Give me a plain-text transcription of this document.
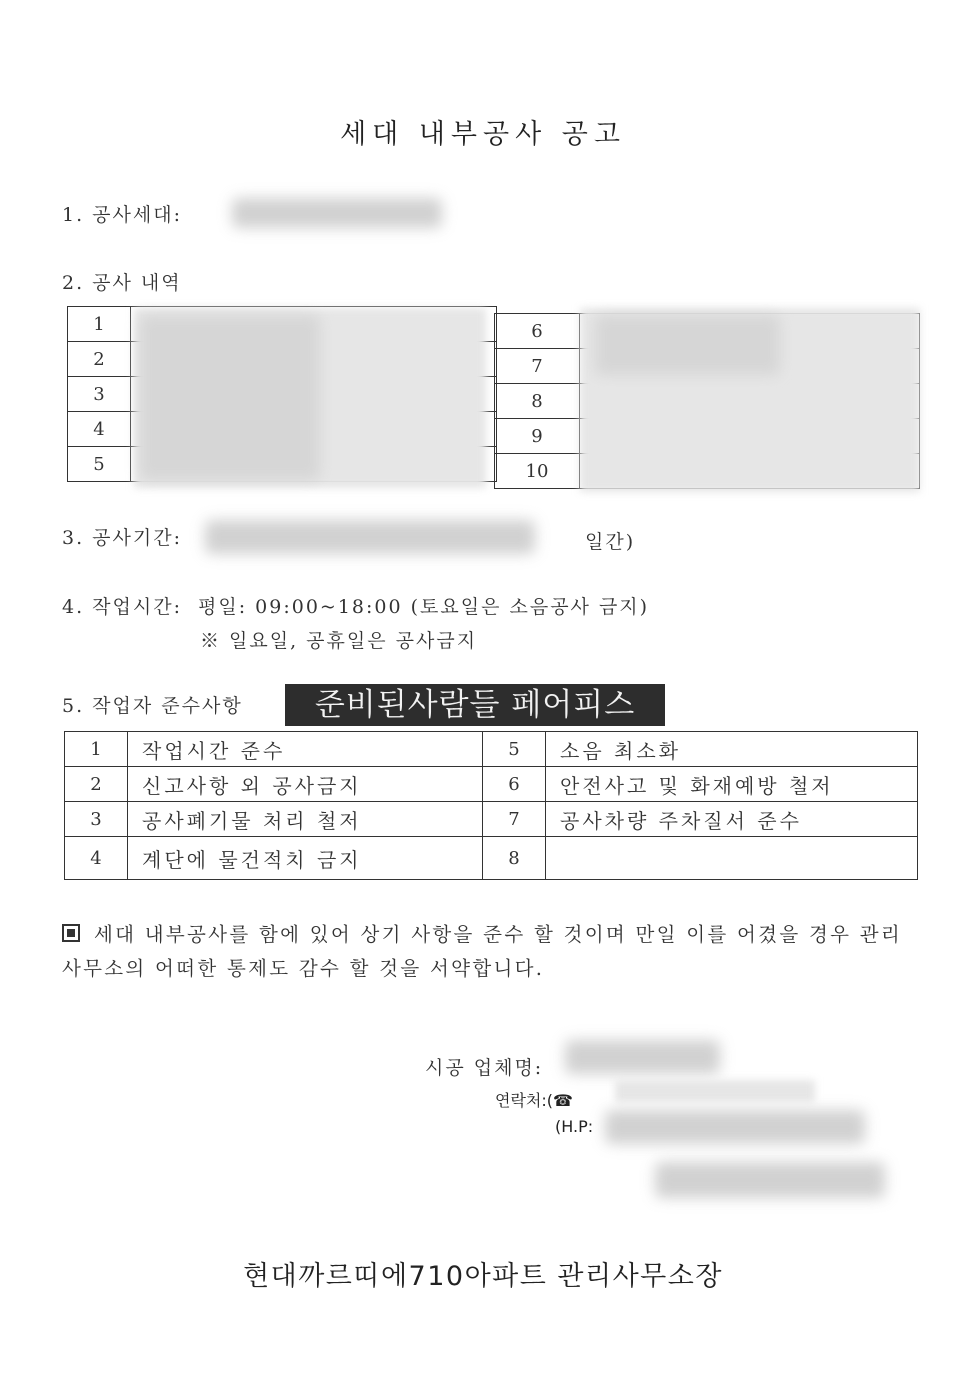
세대 내부공사 공고
1. 공사세대:
2. 공사 내역
1	
2	
3	
4	
5	
6	
7	
8	
9	
10	
3. 공사기간:	일간)
4. 작업시간: 평일: 09:00~18:00 (토요일은 소음공사 금지)
※ 일요일, 공휴일은 공사금지
5. 작업자 준수사항	준비된사람들 페어피스
1	작업시간 준수	5	소음 최소화
2	신고사항 외 공사금지	6	안전사고 및 화재예방 철저
3	공사폐기물 처리 철저	7	공사차량 주차질서 준수
4	계단에 물건적치 금지	8	
세대 내부공사를 함에 있어 상기 사항을 준수 할 것이며 만일 이를 어겼을 경우 관리사무소의 어떠한 통제도 감수 할 것을 서약합니다.
시공 업체명:
연락처:(☎
(H.P:
현대까르띠에710아파트 관리사무소장
